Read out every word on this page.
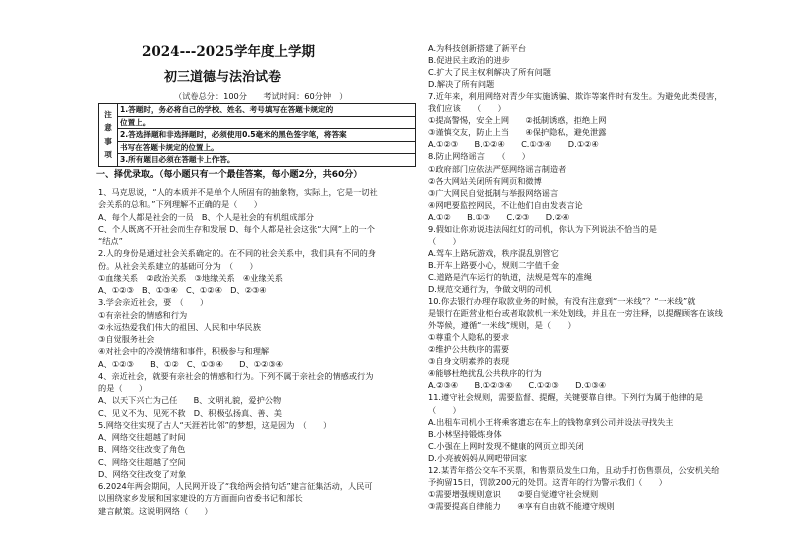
2024---2025学年度上学期
初三道德与法治试卷
（试卷总分：100分　　考试时间：60分钟　）
注
意
事
项
	1.答题时，务必将自己的学校、姓名、考号填写在答题卡规定的
位置上。
2.答选择题和非选择题时，必须使用0.5毫米的黑色签字笔，将答案
书写在答题卡规定的位置上。
3.所有题目必须在答题卡上作答。
一、择优录取。（每小题只有一个最佳答案，每小题2分，共60分）
1、马克思说，“人的本质并不是单个人所固有的抽象物，实际上，它是一切社
会关系的总和。”下列理解不正确的是（　　）
A、每个人都是社会的一员　B、个人是社会的有机组成部分
C、个人既离不开社会而生存和发展 D、每个人都是社会这张“大网”上的一个
“结点”
2.人的身份是通过社会关系确定的。在不同的社会关系中，我们具有不同的身
份。从社会关系建立的基础可分为　（　　）
①血缘关系　②政治关系　③地缘关系　④业缘关系
A、①②③　B、①③④　C、①②④　D、②③④
3.学会亲近社会，要　（　　）
①有亲社会的情感和行为
②永远热爱我们伟大的祖国、人民和中华民族
③自觉服务社会
④对社会中的冷漠情绪和事件，积极参与和理解
A、①②③　　B、①②　C、①③④　　D、①②③④
4、亲近社会，就要有亲社会的情感和行为。下列不属于亲社会的情感或行为
的是（　　）
A、以天下兴亡为己任　　B、文明礼貌，爱护公物
C、见义不为、见死不救　D、积极弘扬真、善、美
5.网络交往实现了古人“天涯若比邻”的梦想，这是因为　（　　）
A、网络交往超越了时间
B、网络交往改变了角色
C、网络交往超越了空间
D、网络交往改变了对象
6.2024年两会期间，人民网开设了“我给两会捎句话”建言征集活动，人民可
以围绕家乡发展和国家建设的方方面面向省委书记和部长
建言献策。这说明网络（　　）
A.为科技创新搭建了新平台
B.促进民主政治的进步
C.扩大了民主权利解决了所有问题
D.解决了所有问题
7.近年来，利用网络对青少年实施诱骗、欺诈等案件时有发生。为避免此类侵害，
我们应该　　（　　）
①提高警惕，安全上网　　②抵制诱惑，拒绝上网
③谨慎交友，防止上当　　④保护隐私，避免泄露
A.①②③　　B.①②④　　C.①③④　　D.①②④
8.防止网络谣言　　（　　）
①政府部门应依法严惩网络谣言制造者
②各大网站关闭所有网页和微博
③广大网民自觉抵制与举报网络谣言
④网吧要监控网民，不让他们自由发表言论
A.①②　　B.①③　　C.②③　　D.②④
9.假如让你劝说违法闯红灯的司机，你认为下列说法不恰当的是
（　　）
A.驾车上路玩游戏，秩序混乱别管它
B.开车上路要小心，规则二字值千金
C.道路是汽车运行的轨道，法规是驾车的准绳
D.规范交通行为，争做文明的司机
10.你去银行办理存取款业务的时候，有没有注意到“一米线”？“一米线”就
是银行在距营业柜台或者取款机一米处划线，并且在一旁注释，以提醒顾客在该线
外等候，遵循“一米线”规则，是（　　）
①尊重个人隐私的要求
②维护公共秩序的需要
③自身文明素养的表现
④能够杜绝扰乱公共秩序的行为
A.②③④　　B.①②③④　　C.①②③　　D.①③④
11.遵守社会规则，需要监督、提醒，关键要靠自律。下列行为属于他律的是
（　　）
A.出租车司机小王将乘客遗忘在车上的钱物拿到公司并设法寻找失主
B.小林坚持锻炼身体
C.小强在上网时发现不健康的网页立即关闭
D.小亮被妈妈从网吧带回家
12.某青年搭公交车不买票，和售票员发生口角，且动手打伤售票员，公安机关给
予拘留15日，罚款200元的处罚。这青年的行为警示我们（　　）
①需要增强规则意识　　②要自觉遵守社会规则
③需要提高自律能力　　④享有自由就不能遵守规则
